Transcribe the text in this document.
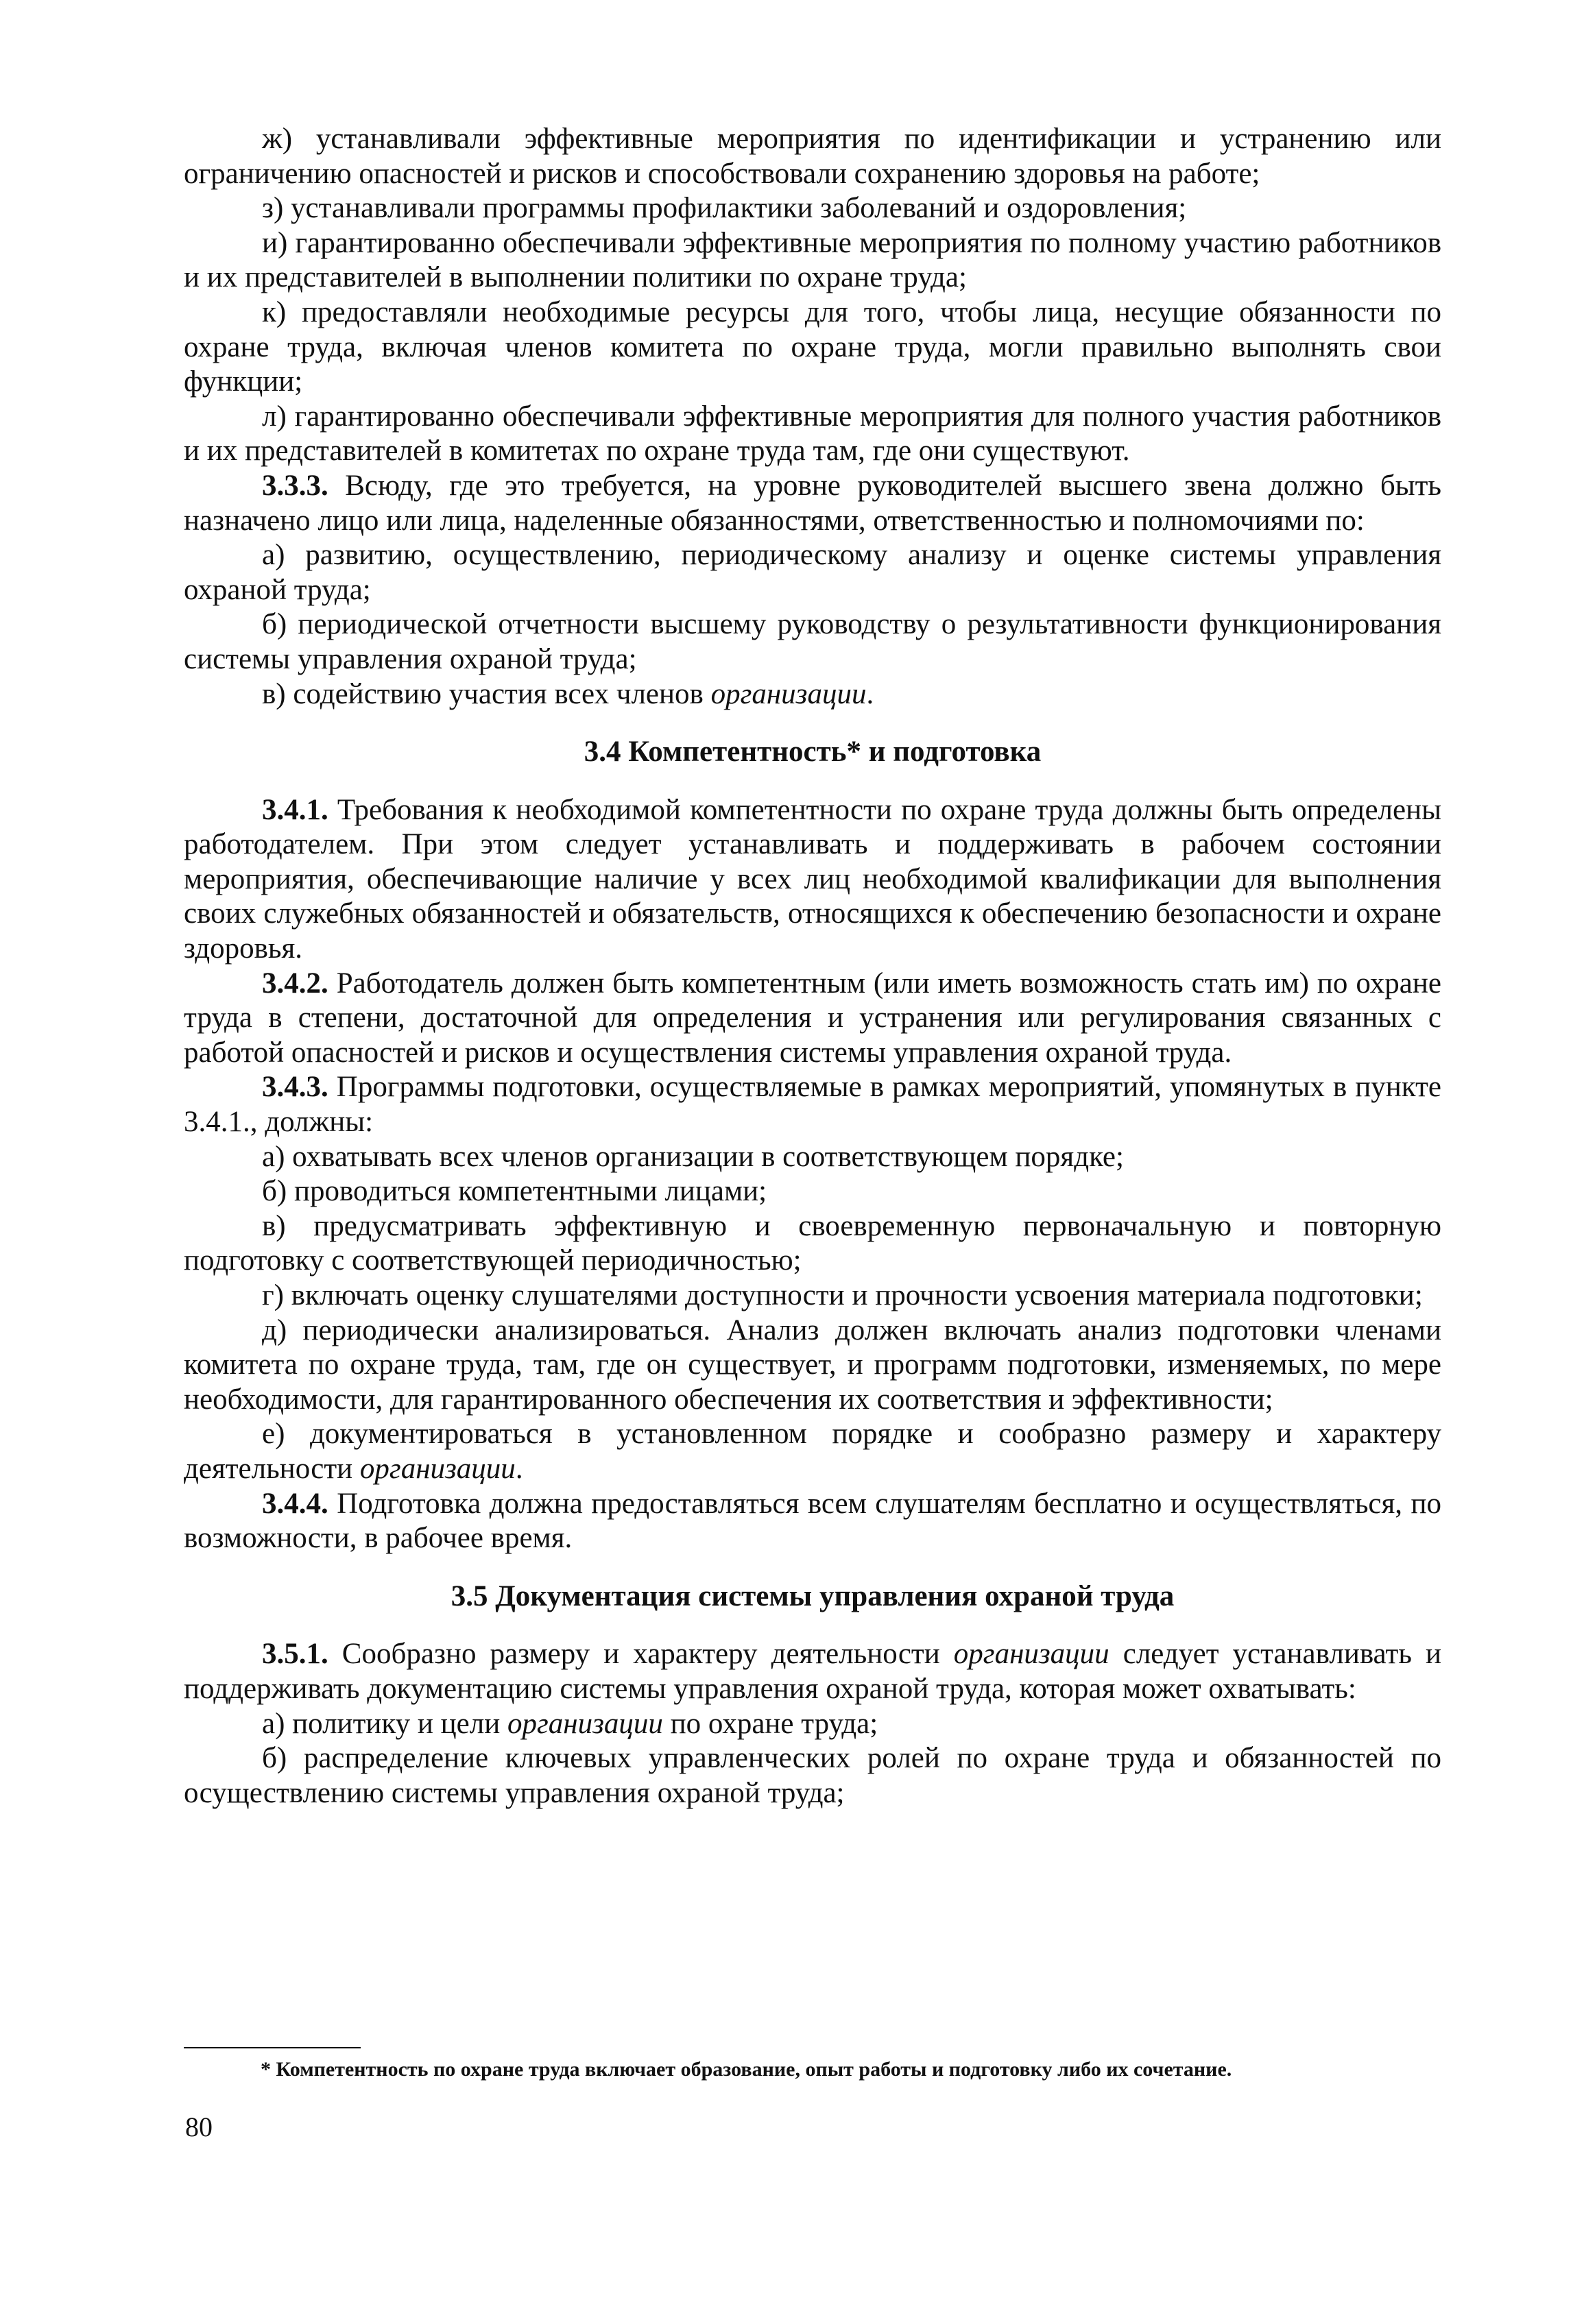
ж) устанавливали эффективные мероприятия по идентификации и устранению или ограничению опасностей и рисков и способствовали сохранению здоровья на работе;

з) устанавливали программы профилактики заболеваний и оздоровления;

и) гарантированно обеспечивали эффективные мероприятия по полному участию работников и их представителей в выполнении политики по охране труда;

к) предоставляли необходимые ресурсы для того, чтобы лица, несущие обязанности по охране труда, включая членов комитета по охране труда, могли правильно выполнять свои функции;

л) гарантированно обеспечивали эффективные мероприятия для полного участия работников и их представителей в комитетах по охране труда там, где они существуют.

3.3.3. Всюду, где это требуется, на уровне руководителей высшего звена должно быть назначено лицо или лица, наделенные обязанностями, ответственностью и полномочиями по:

а) развитию, осуществлению, периодическому анализу и оценке системы управления охраной труда;

б) периодической отчетности высшему руководству о результативности функционирования системы управления охраной труда;

в) содействию участия всех членов организации.

3.4 Компетентность* и подготовка

3.4.1. Требования к необходимой компетентности по охране труда должны быть определены работодателем. При этом следует устанавливать и поддерживать в рабочем состоянии мероприятия, обеспечивающие наличие у всех лиц необходимой квалификации для выполнения своих служебных обязанностей и обязательств, относящихся к обеспечению безопасности и охране здоровья.

3.4.2. Работодатель должен быть компетентным (или иметь возможность стать им) по охране труда в степени, достаточной для определения и устранения или регулирования связанных с работой опасностей и рисков и осуществления системы управления охраной труда.

3.4.3. Программы подготовки, осуществляемые в рамках мероприятий, упомянутых в пункте 3.4.1., должны:

а) охватывать всех членов организации в соответствующем порядке;

б) проводиться компетентными лицами;

в) предусматривать эффективную и своевременную первоначальную и повторную подготовку с соответствующей периодичностью;

г) включать оценку слушателями доступности и прочности усвоения материала подготовки;

д) периодически анализироваться. Анализ должен включать анализ подготовки членами комитета по охране труда, там, где он существует, и программ подготовки, изменяемых, по мере необходимости, для гарантированного обеспечения их соответствия и эффективности;

е) документироваться в установленном порядке и сообразно размеру и характеру деятельности организации.

3.4.4. Подготовка должна предоставляться всем слушателям бесплатно и осуществляться, по возможности, в рабочее время.

3.5 Документация системы управления охраной труда

3.5.1. Сообразно размеру и характеру деятельности организации следует устанавливать и поддерживать документацию системы управления охраной труда, которая может охватывать:

а) политику и цели организации по охране труда;

б) распределение ключевых управленческих ролей по охране труда и обязанностей по осуществлению системы управления охраной труда;

* Компетентность по охране труда включает образование, опыт работы и подготовку либо их сочетание.
80
